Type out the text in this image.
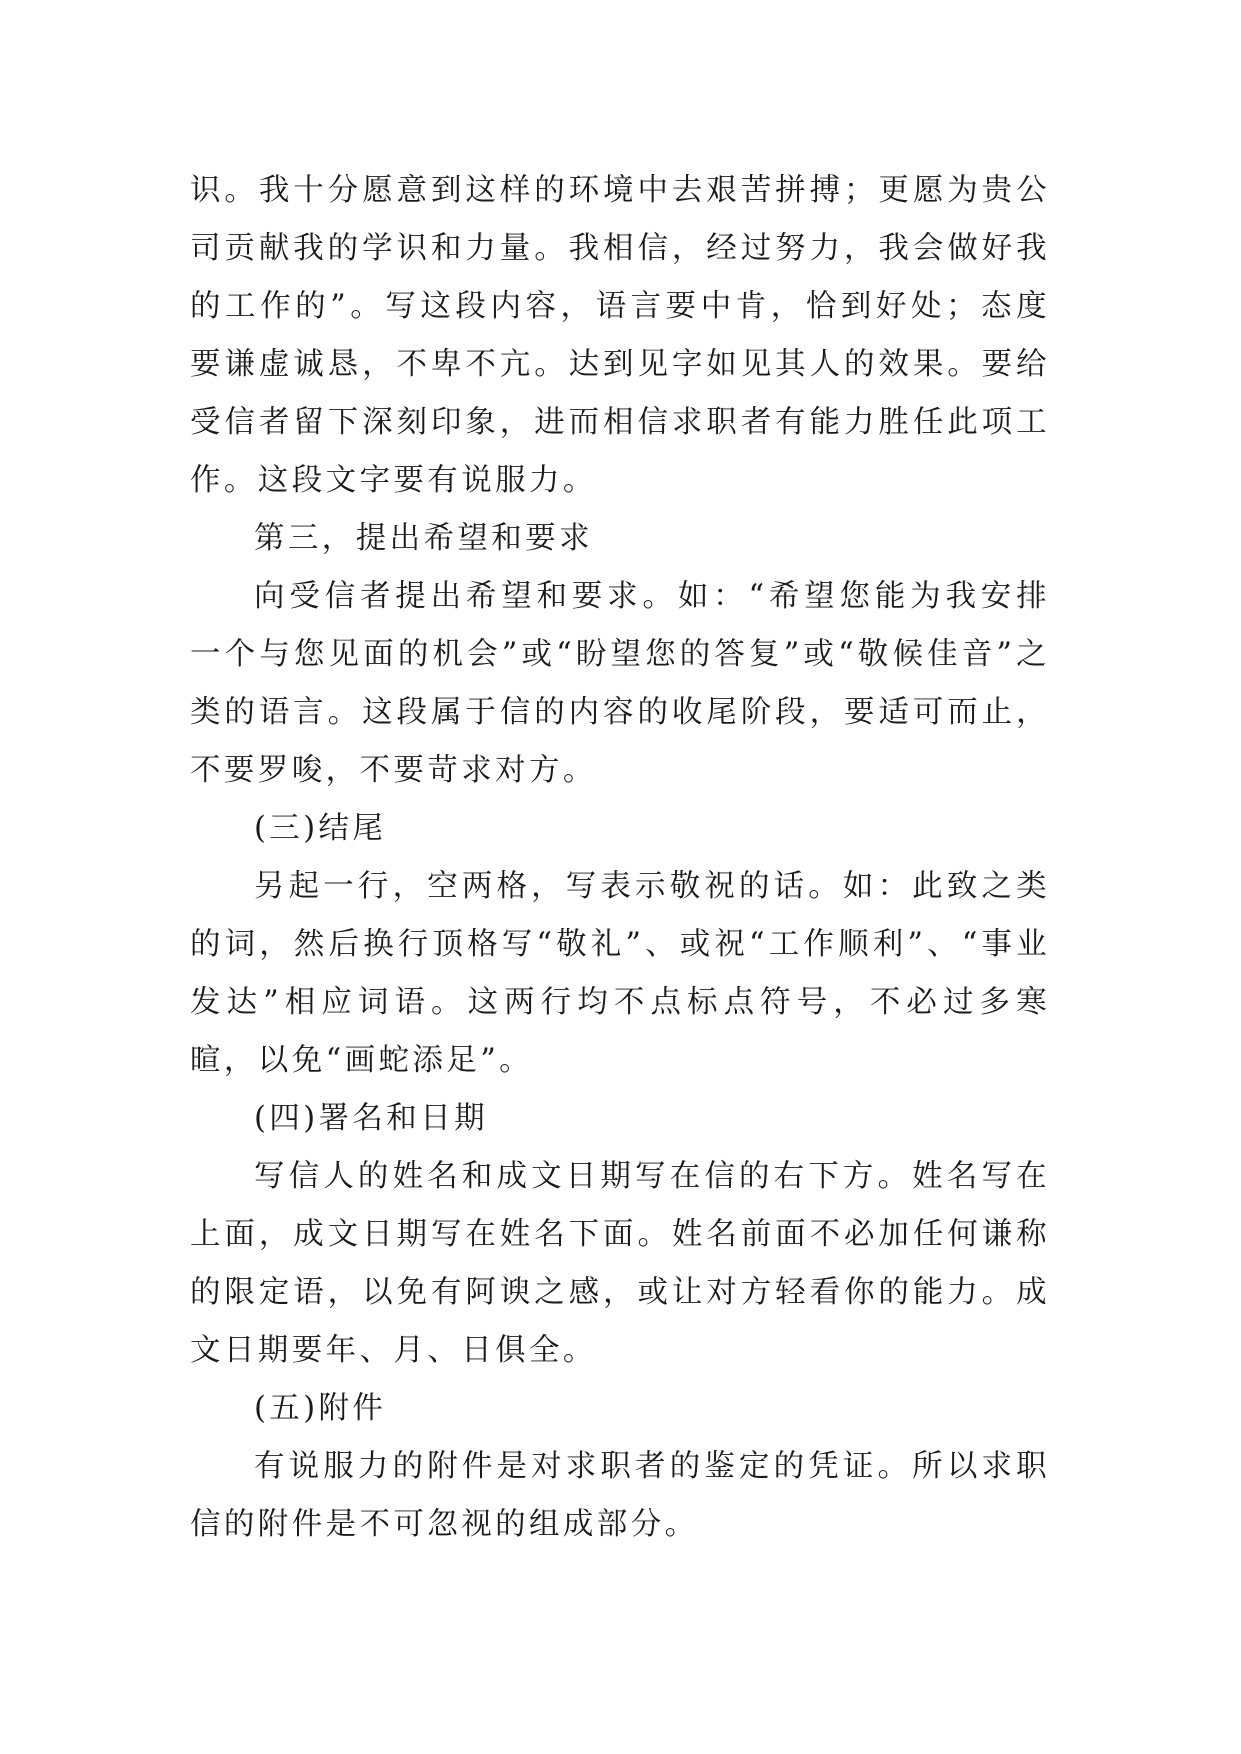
识。我十分愿意到这样的环境中去艰苦拼搏；更愿为贵公司贡献我的学识和力量。我相信，经过努力，我会做好我的工作的”。写这段内容，语言要中肯，恰到好处；态度要谦虚诚恳，不卑不亢。达到见字如见其人的效果。要给受信者留下深刻印象，进而相信求职者有能力胜任此项工作。这段文字要有说服力。

第三，提出希望和要求

向受信者提出希望和要求。如：“希望您能为我安排一个与您见面的机会”或“盼望您的答复”或“敬候佳音”之类的语言。这段属于信的内容的收尾阶段，要适可而止，不要罗唆，不要苛求对方。

(三)结尾

另起一行，空两格，写表示敬祝的话。如：此致之类的词，然后换行顶格写“敬礼”、或祝“工作顺利”、“事业发达”相应词语。这两行均不点标点符号，不必过多寒暄，以免“画蛇添足”。

(四)署名和日期

写信人的姓名和成文日期写在信的右下方。姓名写在上面，成文日期写在姓名下面。姓名前面不必加任何谦称的限定语，以免有阿谀之感，或让对方轻看你的能力。成文日期要年、月、日俱全。

(五)附件

有说服力的附件是对求职者的鉴定的凭证。所以求职信的附件是不可忽视的组成部分。
